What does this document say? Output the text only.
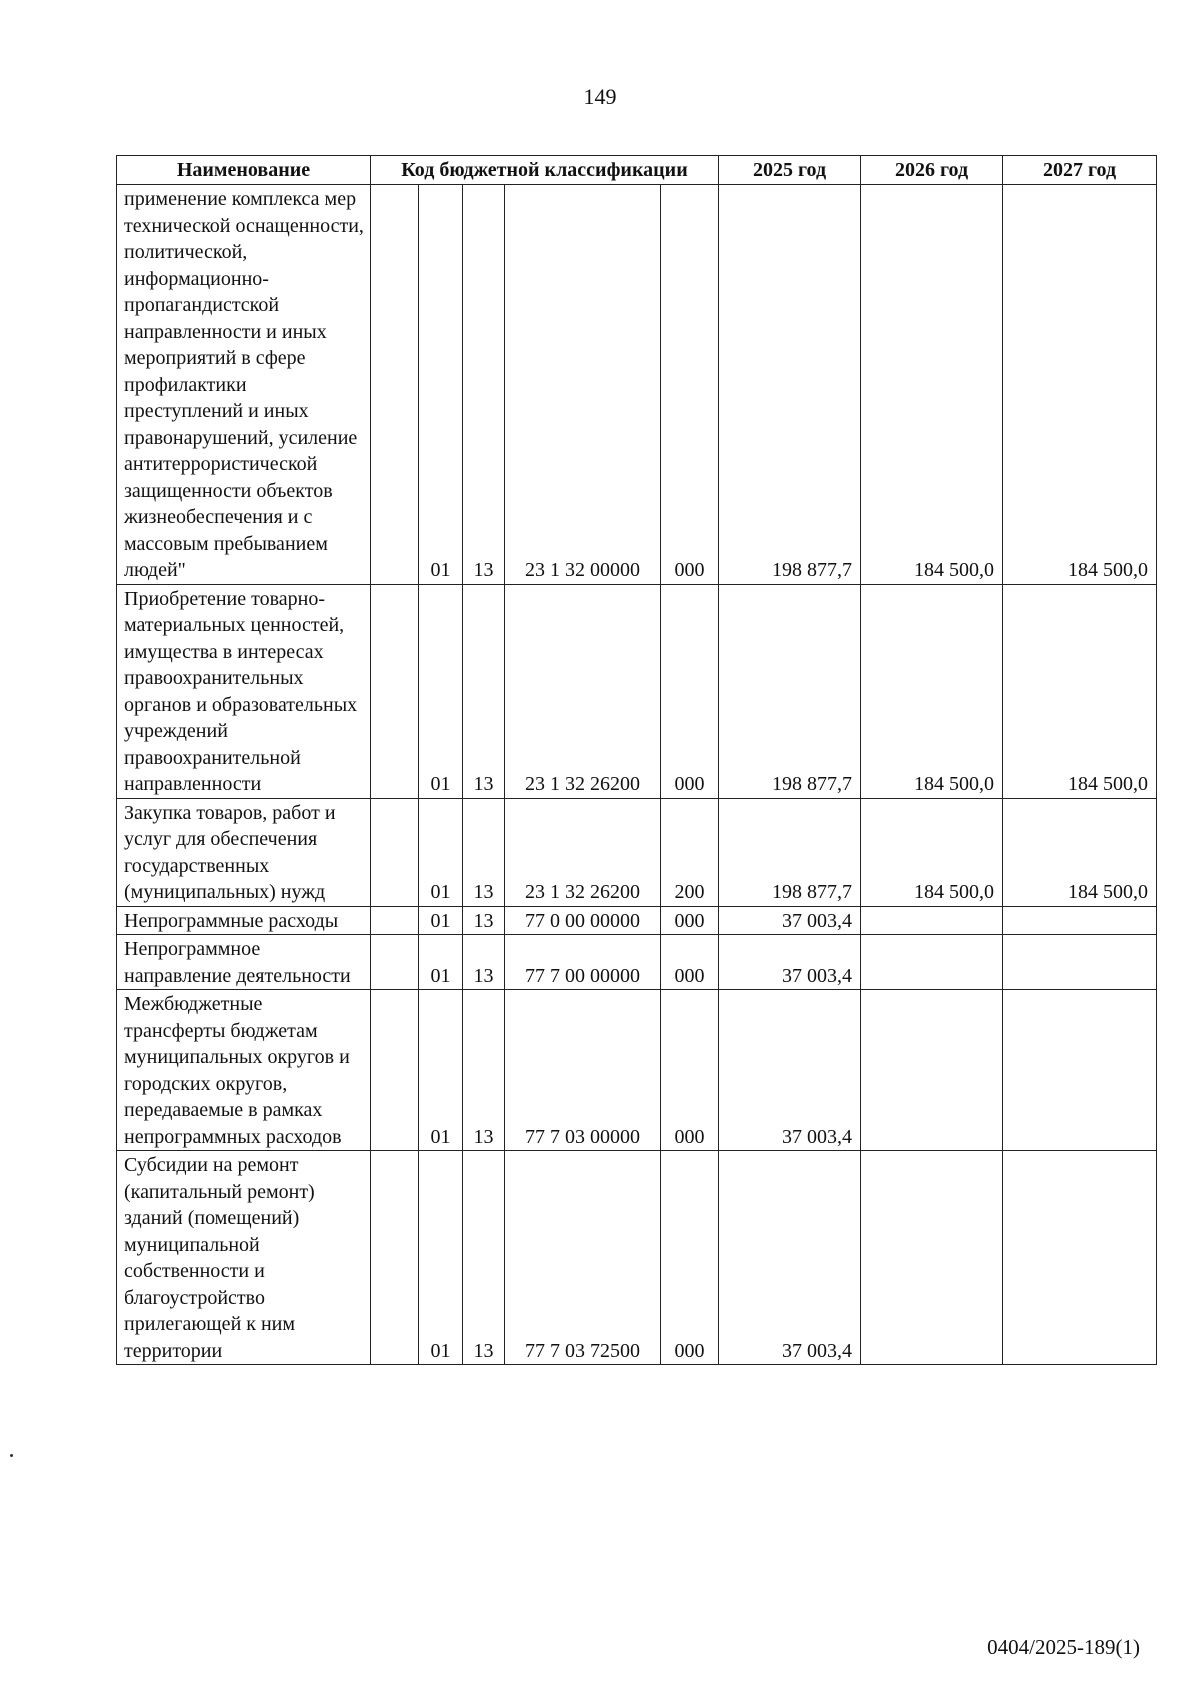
149
Наименование	Код бюджетной классификации					2025 год	2026 год	2027 год
применение комплекса мер технической оснащенности, политической, информационно-пропагандистской направленности и иных мероприятий в сфере профилактики преступлений и иных правонарушений, усиление антитеррористической защищенности объектов жизнеобеспечения и с массовым пребыванием людей"		01	13	23 1 32 00000	000	198 877,7	184 500,0	184 500,0
Приобретение товарно-материальных ценностей, имущества в интересах правоохранительных органов и образовательных учреждений правоохранительной направленности		01	13	23 1 32 26200	000	198 877,7	184 500,0	184 500,0
Закупка товаров, работ и услуг для обеспечения государственных (муниципальных) нужд		01	13	23 1 32 26200	200	198 877,7	184 500,0	184 500,0
Непрограммные расходы		01	13	77 0 00 00000	000	37 003,4		
Непрограммное направление деятельности		01	13	77 7 00 00000	000	37 003,4		
Межбюджетные трансферты бюджетам муниципальных округов и городских округов, передаваемые в рамках непрограммных расходов		01	13	77 7 03 00000	000	37 003,4		
Субсидии на ремонт (капитальный ремонт) зданий (помещений) муниципальной собственности и благоустройство прилегающей к ним территории		01	13	77 7 03 72500	000	37 003,4		
0404/2025-189(1)
